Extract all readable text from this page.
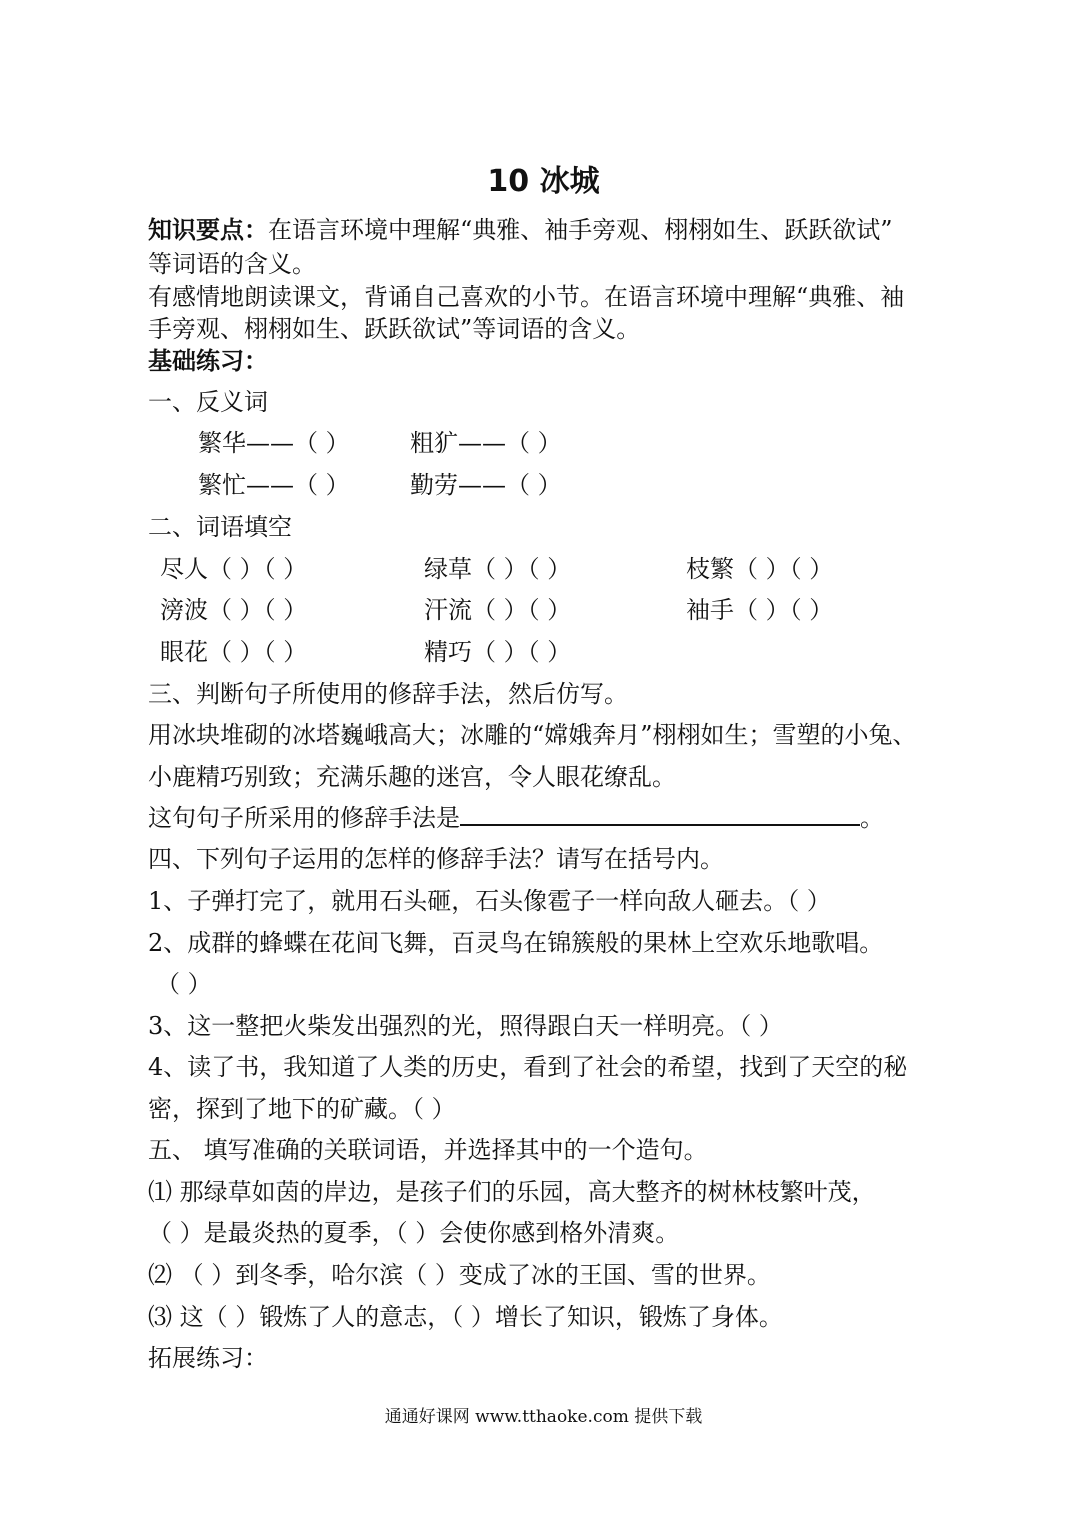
10 冰城
知识要点：在语言环境中理解“典雅、袖手旁观、栩栩如生、跃跃欲试”
等词语的含义。
有感情地朗读课文，背诵自己喜欢的小节。在语言环境中理解“典雅、袖
手旁观、栩栩如生、跃跃欲试”等词语的含义。
基础练习：
一、反义词
繁华——（ ）	粗犷——（ ）
繁忙——（ ）	勤劳——（ ）
二、词语填空
尽人（ ）（ ）	绿草（ ）（ ）	枝繁（ ）（ ）
滂波（ ）（ ）	汗流（ ）（ ）	袖手（ ）（ ）
眼花（ ）（ ）	精巧（ ）（ ）
三、判断句子所使用的修辞手法，然后仿写。
用冰块堆砌的冰塔巍峨高大；冰雕的“嫦娥奔月”栩栩如生；雪塑的小兔、
小鹿精巧别致；充满乐趣的迷宫，令人眼花缭乱。
这句句子所采用的修辞手法是	。
四、下列句子运用的怎样的修辞手法？请写在括号内。
1、子弹打完了，就用石头砸，石头像雹子一样向敌人砸去。（ ）
2、成群的蜂蝶在花间飞舞，百灵鸟在锦簇般的果林上空欢乐地歌唱。
（ ）
3、这一整把火柴发出强烈的光，照得跟白天一样明亮。（ ）
4、读了书，我知道了人类的历史，看到了社会的希望，找到了天空的秘
密，探到了地下的矿藏。（ ）
五、 填写准确的关联词语，并选择其中的一个造句。
⑴ 那绿草如茵的岸边，是孩子们的乐园，高大整齐的树林枝繁叶茂，
（ ）是最炎热的夏季，（ ）会使你感到格外清爽。
⑵ （ ）到冬季，哈尔滨（ ）变成了冰的王国、雪的世界。
⑶ 这（ ）锻炼了人的意志，（ ）增长了知识，锻炼了身体。
拓展练习：
通通好课网 www.tthaoke.com 提供下载
